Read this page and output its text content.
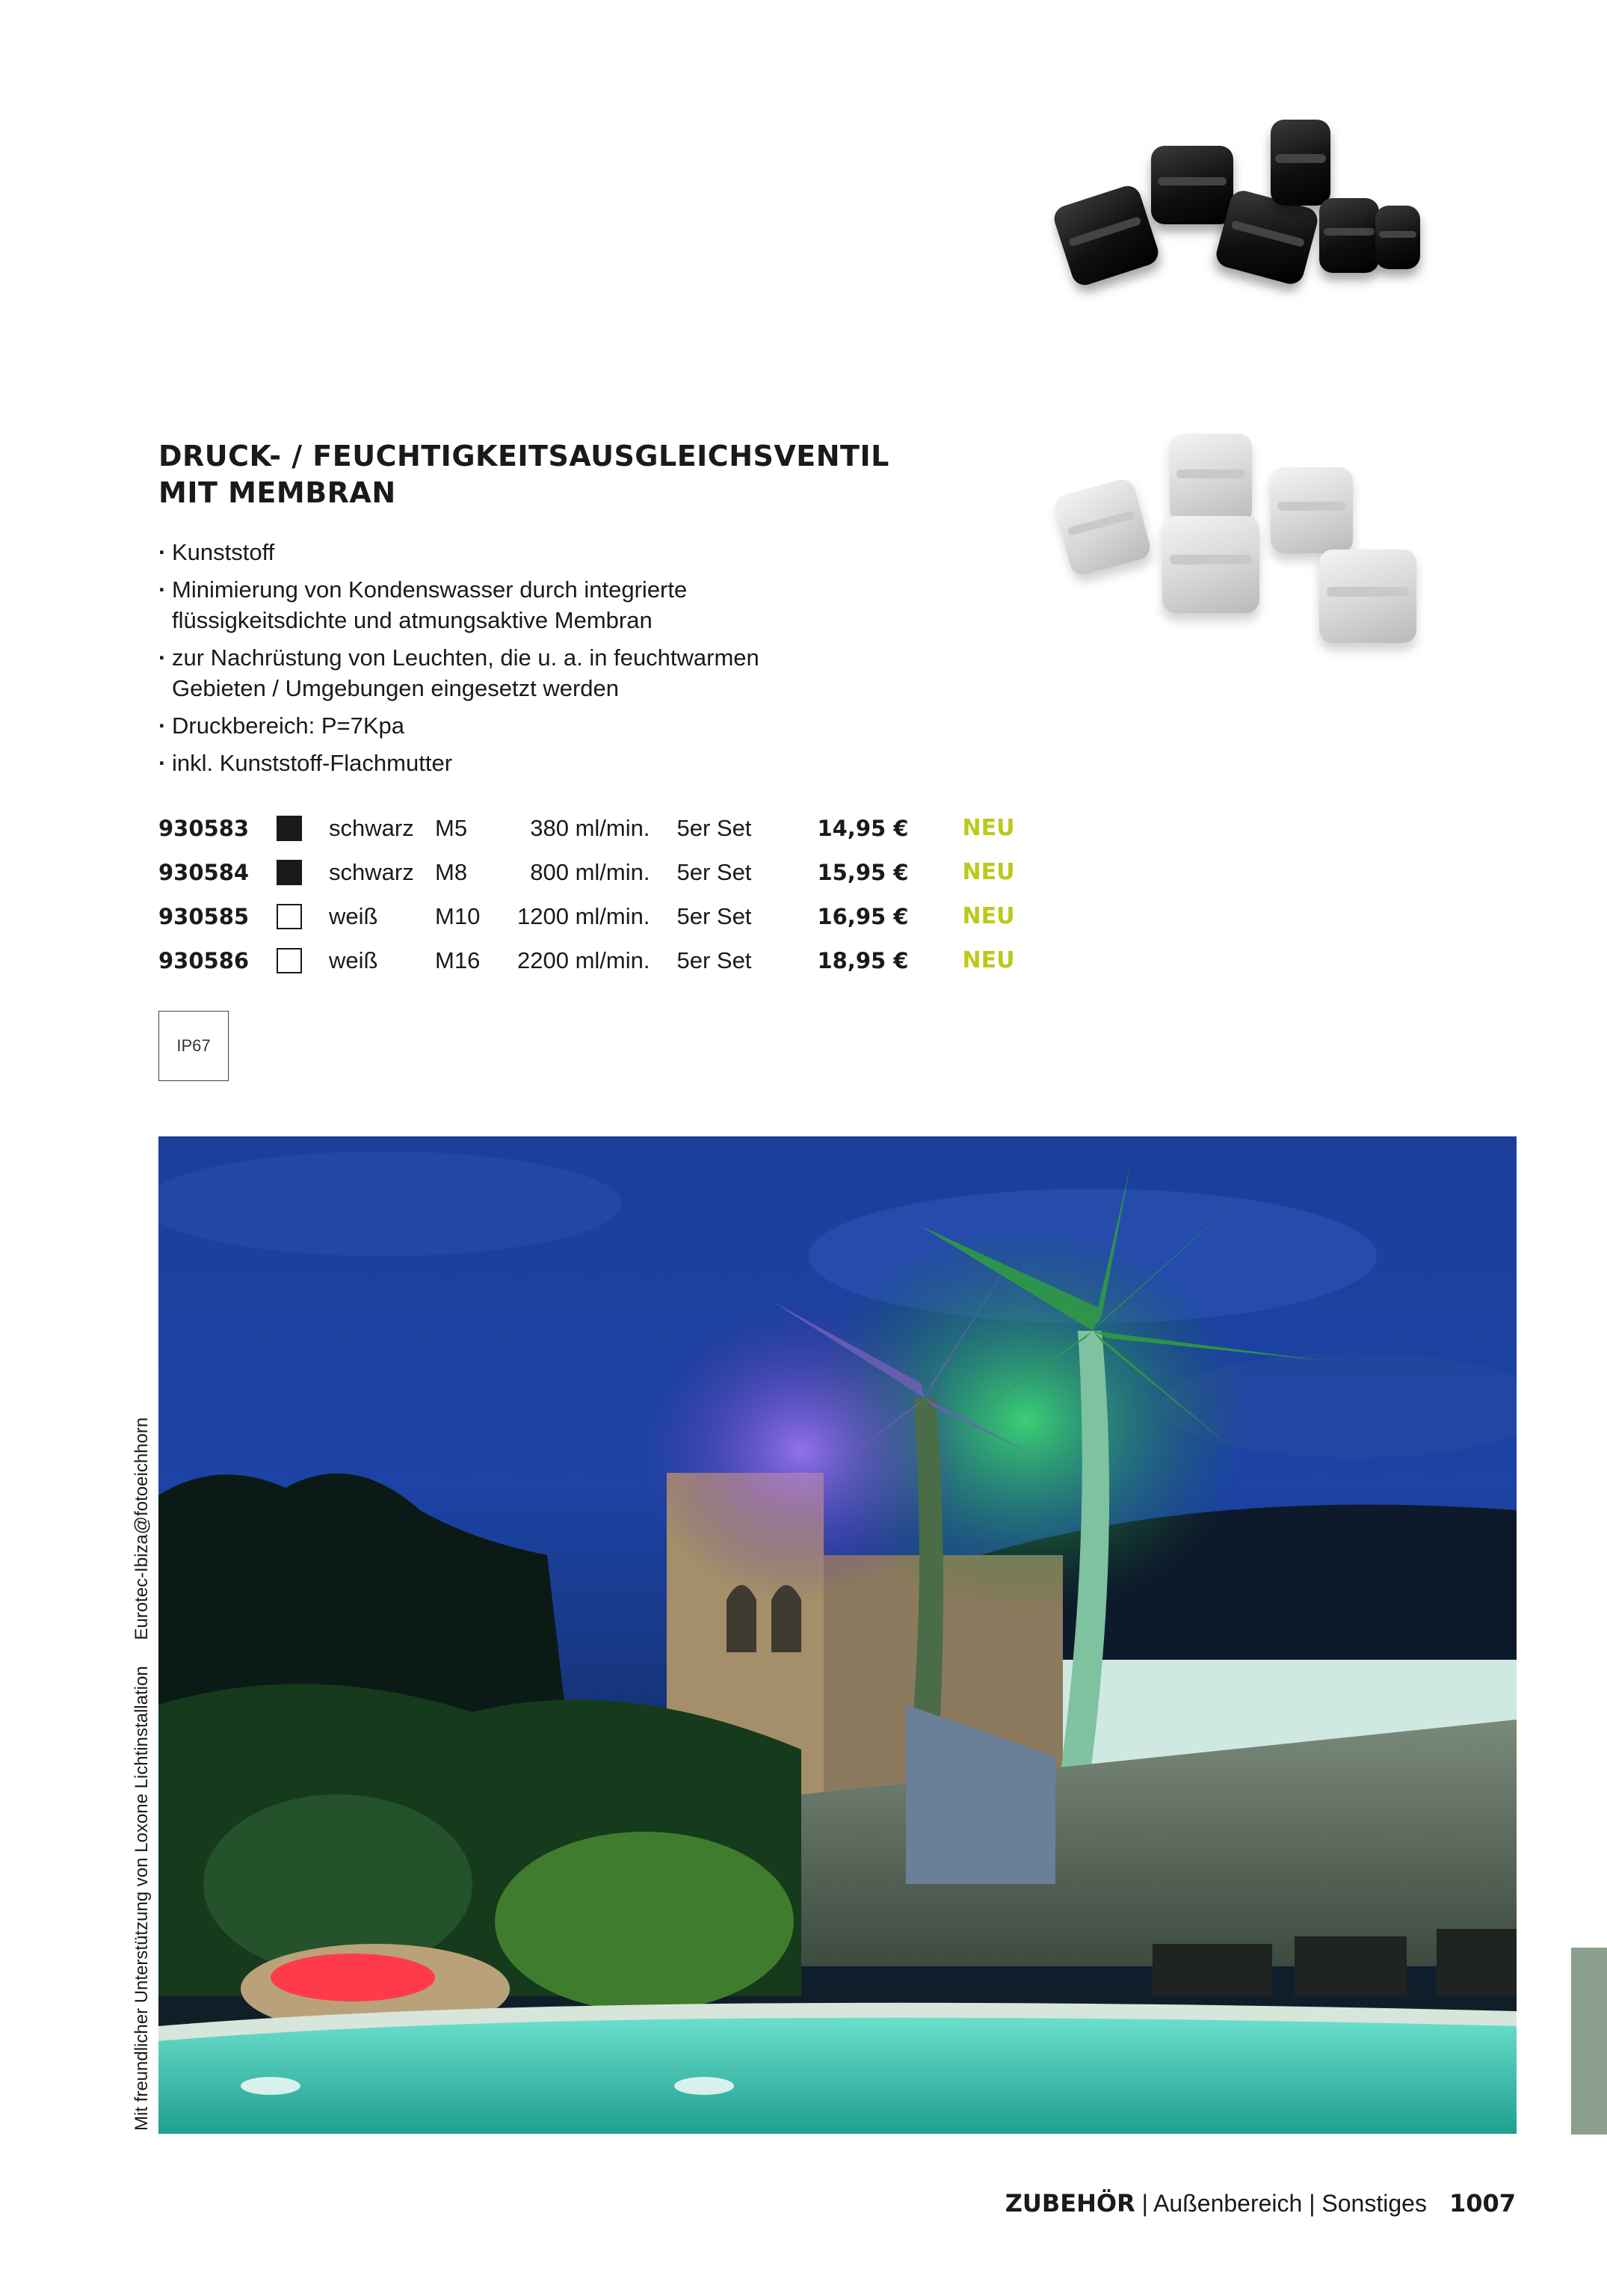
DRUCK- / FEUCHTIGKEITSAUSGLEICHSVENTIL
MIT MEMBRAN
· Kunststoff
· Minimierung von Kondenswasser durch integrierte flüssigkeitsdichte und atmungsaktive Membran
· zur Nachrüstung von Leuchten, die u. a. in feuchtwarmen Gebieten / Umgebungen eingesetzt werden
· Druckbereich: P=7Kpa
· inkl. Kunststoff-Flachmutter
930583		schwarz	M5	380 ml/min.	5er Set	14,95 €	NEU
930584		schwarz	M8	800 ml/min.	5er Set	15,95 €	NEU
930585		weiß	M10	1200 ml/min.	5er Set	16,95 €	NEU
930586		weiß	M16	2200 ml/min.	5er Set	18,95 €	NEU
IP67
Mit freundlicher Unterstützung von Loxone Lichtinstallation Eurotec-Ibiza@fotoeichhorn
ZUBEHÖR | Außenbereich | Sonstiges 1007
